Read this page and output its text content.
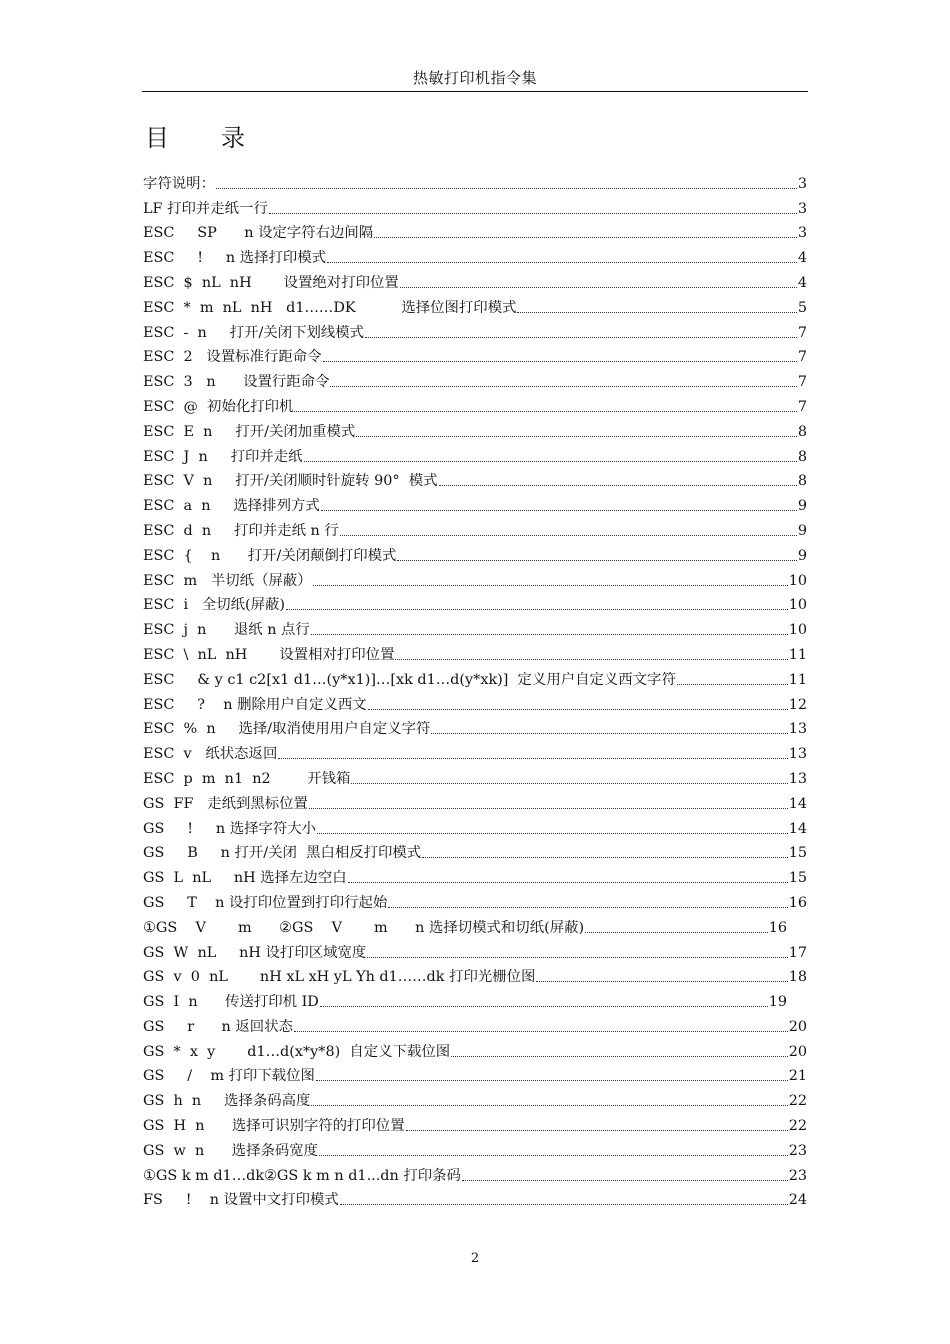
热敏打印机指令集
目 录
字符说明：	3
LF 打印并走纸一行	3
ESC     SP      n 设定字符右边间隔	3
ESC     !     n 选择打印模式	4
ESC  $  nL  nH       设置绝对打印位置	4
ESC  *  m  nL  nH   d1……DK          选择位图打印模式	5
ESC  -  n     打开/关闭下划线模式	7
ESC  2   设置标准行距命令	7
ESC  3   n      设置行距命令	7
ESC  @  初始化打印机	7
ESC  E  n     打开/关闭加重模式	8
ESC  J  n     打印并走纸	8
ESC  V  n     打开/关闭顺时针旋转 90°  模式	8
ESC  a  n     选择排列方式	9
ESC  d  n     打印并走纸 n 行	9
ESC  {    n      打开/关闭颠倒打印模式	9
ESC  m   半切纸（屏蔽）	10
ESC  i   全切纸(屏蔽)	10
ESC  j  n      退纸 n 点行	10
ESC  \  nL  nH       设置相对打印位置	11
ESC     & y c1 c2[x1 d1…(y*x1)]…[xk d1…d(y*xk)]  定义用户自定义西文字符	11
ESC     ?    n 删除用户自定义西文	12
ESC  %  n     选择/取消使用用户自定义字符	13
ESC  v   纸状态返回	13
ESC  p  m  n1  n2        开钱箱	13
GS  FF   走纸到黑标位置	14
GS     !     n 选择字符大小	14
GS     B     n 打开/关闭  黑白相反打印模式	15
GS  L  nL     nH 选择左边空白	15
GS     T    n 设打印位置到打印行起始	16
①GS    V       m      ②GS    V       m      n 选择切模式和切纸(屏蔽)	16
GS  W  nL     nH 设打印区域宽度	17
GS  v  0  nL       nH xL xH yL Yh d1……dk 打印光栅位图	18
GS  I  n      传送打印机 ID	19
GS     r      n 返回状态	20
GS  *  x  y       d1…d(x*y*8)  自定义下载位图	20
GS     /    m 打印下载位图	21
GS  h  n     选择条码高度	22
GS  H  n      选择可识别字符的打印位置	22
GS  w  n      选择条码宽度	23
①GS k m d1…dk②GS k m n d1...dn 打印条码	23
FS     !    n 设置中文打印模式	24
2
